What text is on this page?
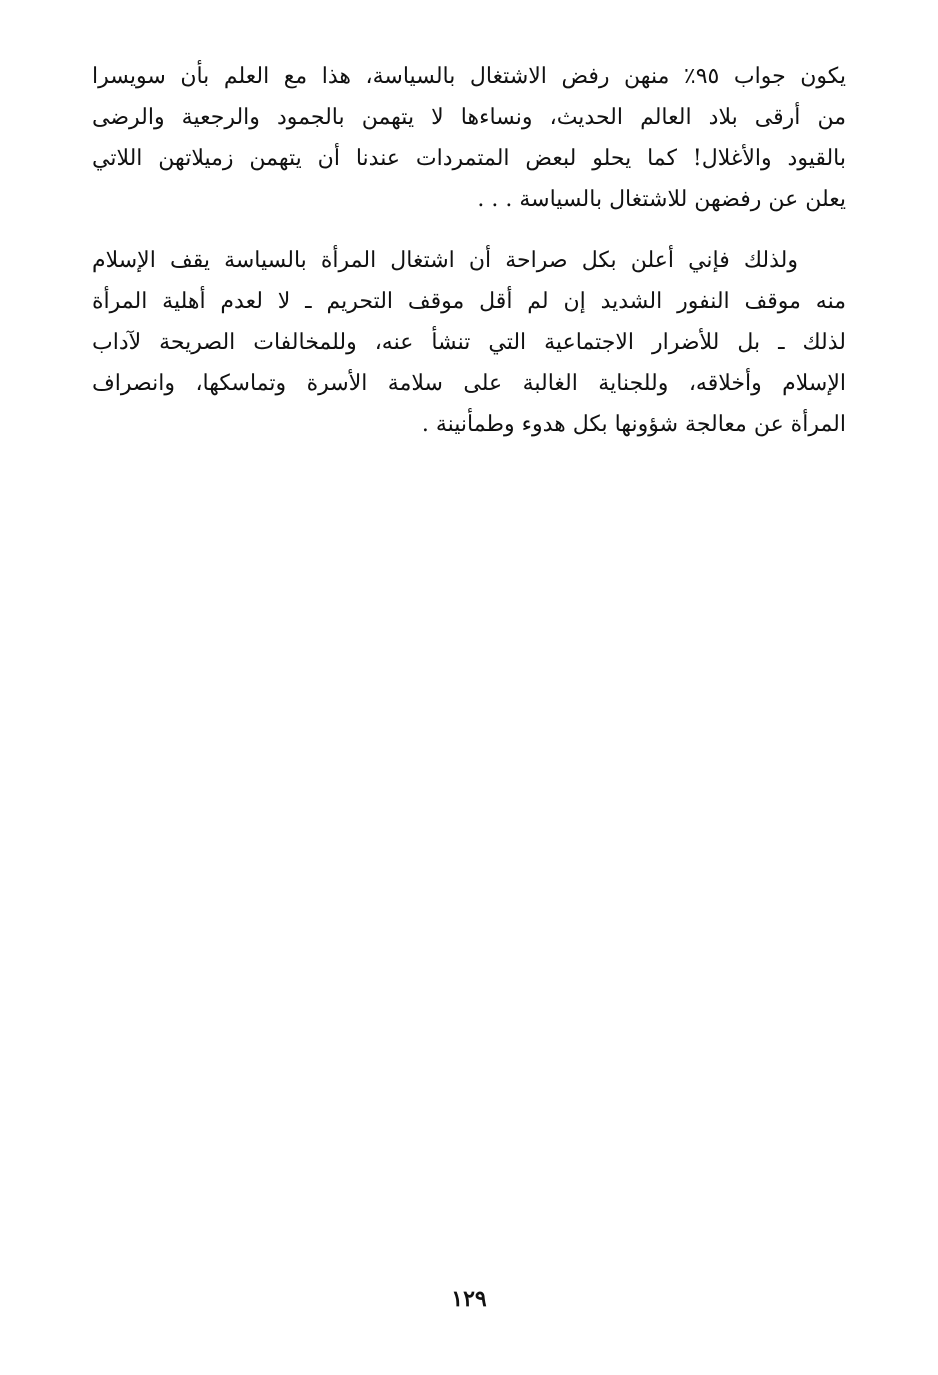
يكون جواب ٩٥٪ منهن رفض الاشتغال بالسياسة، هذا مع العلم بأن سويسرا
من أرقى بلاد العالم الحديث، ونساءها لا يتهمن بالجمود والرجعية والرضى
بالقيود والأغلال! كما يحلو لبعض المتمردات عندنا أن يتهمن زميلاتهن اللاتي
يعلن عن رفضهن للاشتغال بالسياسة . . .
ولذلك فإني أعلن بكل صراحة أن اشتغال المرأة بالسياسة يقف الإسلام
منه موقف النفور الشديد إن لم أقل موقف التحريم ـ لا لعدم أهلية المرأة
لذلك ـ بل للأضرار الاجتماعية التي تنشأ عنه، وللمخالفات الصريحة لآداب
الإسلام وأخلاقه، وللجناية الغالبة على سلامة الأسرة وتماسكها، وانصراف
المرأة عن معالجة شؤونها بكل هدوء وطمأنينة .
١٢٩
